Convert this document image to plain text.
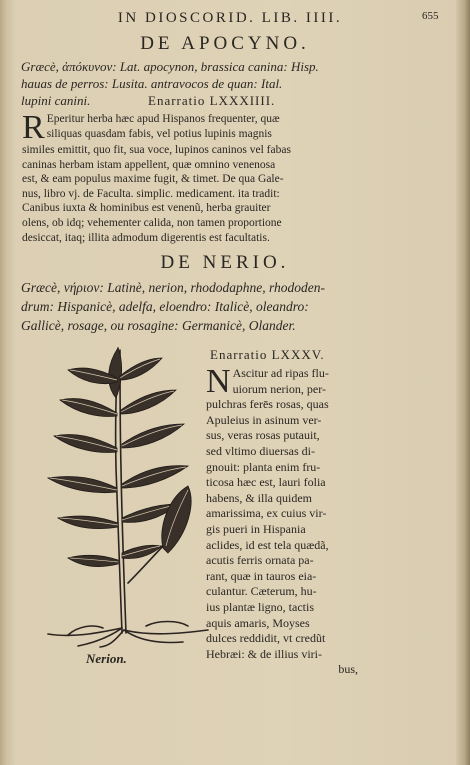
IN DIOSCORID. LIB. IIII.	655
DE APOCYNO.
Græcè, ἀπόκυνον: Lat. apocynon, brassica canina: Hisp.
hauas de perros: Lusita. antravocos de quan: Ital.
lupini canini.	Enarratio LXXXIIII.
R Eperitur herba hæc apud Hispanos frequenter, quæ
siliquas quasdam fabis, vel potius lupinis magnis
similes emittit, quo fit, sua voce, lupinos caninos vel fabas
caninas herbam istam appellent, quæ omnino venenosa
est, & eam populus maxime fugit, & timet. De qua Gale-
nus, libro vj. de Faculta. simplic. medicament. ita tradit:
Canibus iuxta & hominibus est venenũ, herba grauiter
olens, ob idq; vehementer calida, non tamen proportione
desiccat, itaq; illita admodum digerentis est facultatis.
DE NERIO.
Græcè, νήριον: Latinè, nerion, rhododaphne, rhododen-
drum: Hispanicè, adelfa, eloendro: Italicè, oleandro:
Gallicè, rosage, ou rosagine: Germanicè, Olander.
Enarratio LXXXV.
N Ascitur ad ripas flu-
uiorum nerion, per-
pulchras ferēs rosas, quas
Apuleius in asinum ver-
sus, veras rosas putauit,
sed vltimo diuersas di-
gnouit: planta enim fru-
ticosa hæc est, lauri folia
habens, & illa quidem
amarissima, ex cuius vir-
gis pueri in Hispania
aclides, id est tela quædã,
acutis ferris ornata pa-
rant, quæ in tauros eia-
culantur. Cæterum, hu-
ius plantæ ligno, tactis
aquis amaris, Moyses
dulces reddidit, vt credũt
Hebræi: & de illius viri-
bus,
Nerion.
